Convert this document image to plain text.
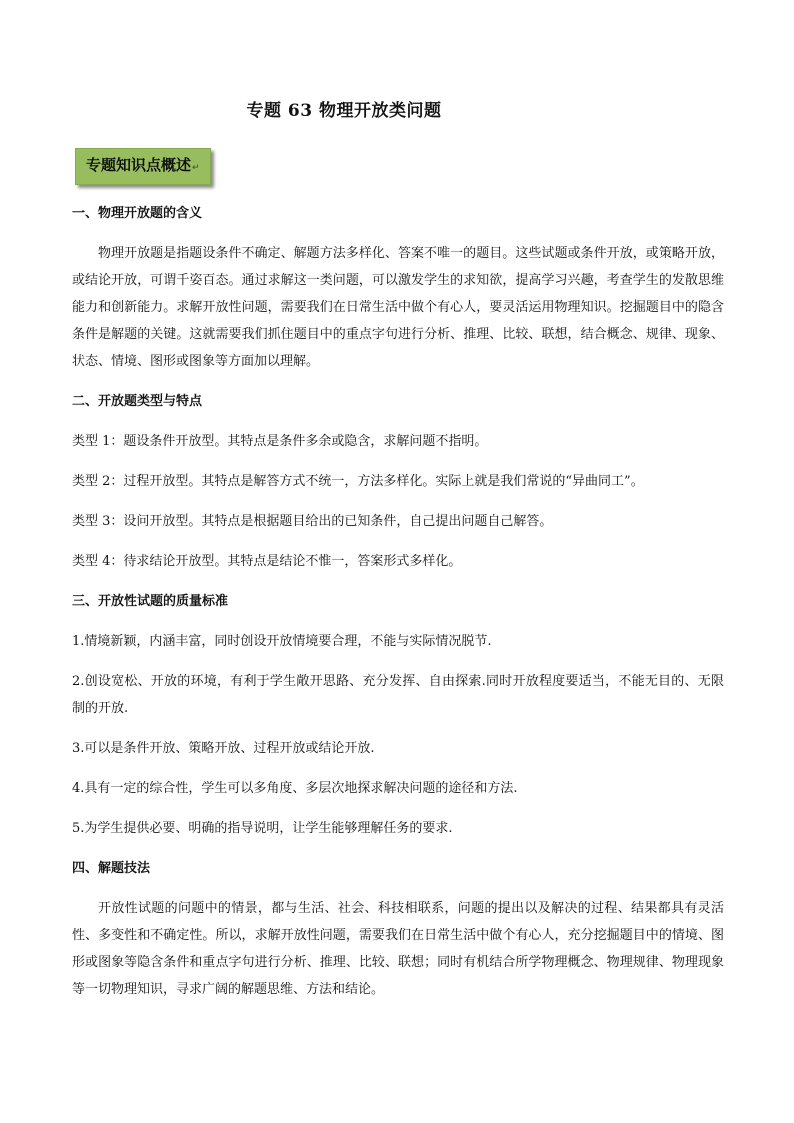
专题 63 物理开放类问题
专题知识点概述↵
一、物理开放题的含义
物理开放题是指题设条件不确定、解题方法多样化、答案不唯一的题目。这些试题或条件开放，或策略开放，或结论开放，可谓千姿百态。通过求解这一类问题，可以激发学生的求知欲，提高学习兴趣，考查学生的发散思维能力和创新能力。求解开放性问题，需要我们在日常生活中做个有心人，要灵活运用物理知识。挖掘题目中的隐含条件是解题的关键。这就需要我们抓住题目中的重点字句进行分析、推理、比较、联想，结合概念、规律、现象、状态、情境、图形或图象等方面加以理解。
二、开放题类型与特点
类型 1：题设条件开放型。其特点是条件多余或隐含，求解问题不指明。
类型 2：过程开放型。其特点是解答方式不统一，方法多样化。实际上就是我们常说的“异曲同工”。
类型 3：设问开放型。其特点是根据题目给出的已知条件，自己提出问题自己解答。
类型 4：待求结论开放型。其特点是结论不惟一，答案形式多样化。
三、开放性试题的质量标准
1.情境新颖，内涵丰富，同时创设开放情境要合理，不能与实际情况脱节.
2.创设宽松、开放的环境，有利于学生敞开思路、充分发挥、自由探索.同时开放程度要适当，不能无目的、无限制的开放.
3.可以是条件开放、策略开放、过程开放或结论开放.
4.具有一定的综合性，学生可以多角度、多层次地探求解决问题的途径和方法.
5.为学生提供必要、明确的指导说明，让学生能够理解任务的要求.
四、解题技法
开放性试题的问题中的情景，都与生活、社会、科技相联系，问题的提出以及解决的过程、结果都具有灵活性、多变性和不确定性。所以，求解开放性问题，需要我们在日常生活中做个有心人，充分挖掘题目中的情境、图形或图象等隐含条件和重点字句进行分析、推理、比较、联想；同时有机结合所学物理概念、物理规律、物理现象等一切物理知识，寻求广阔的解题思维、方法和结论。
